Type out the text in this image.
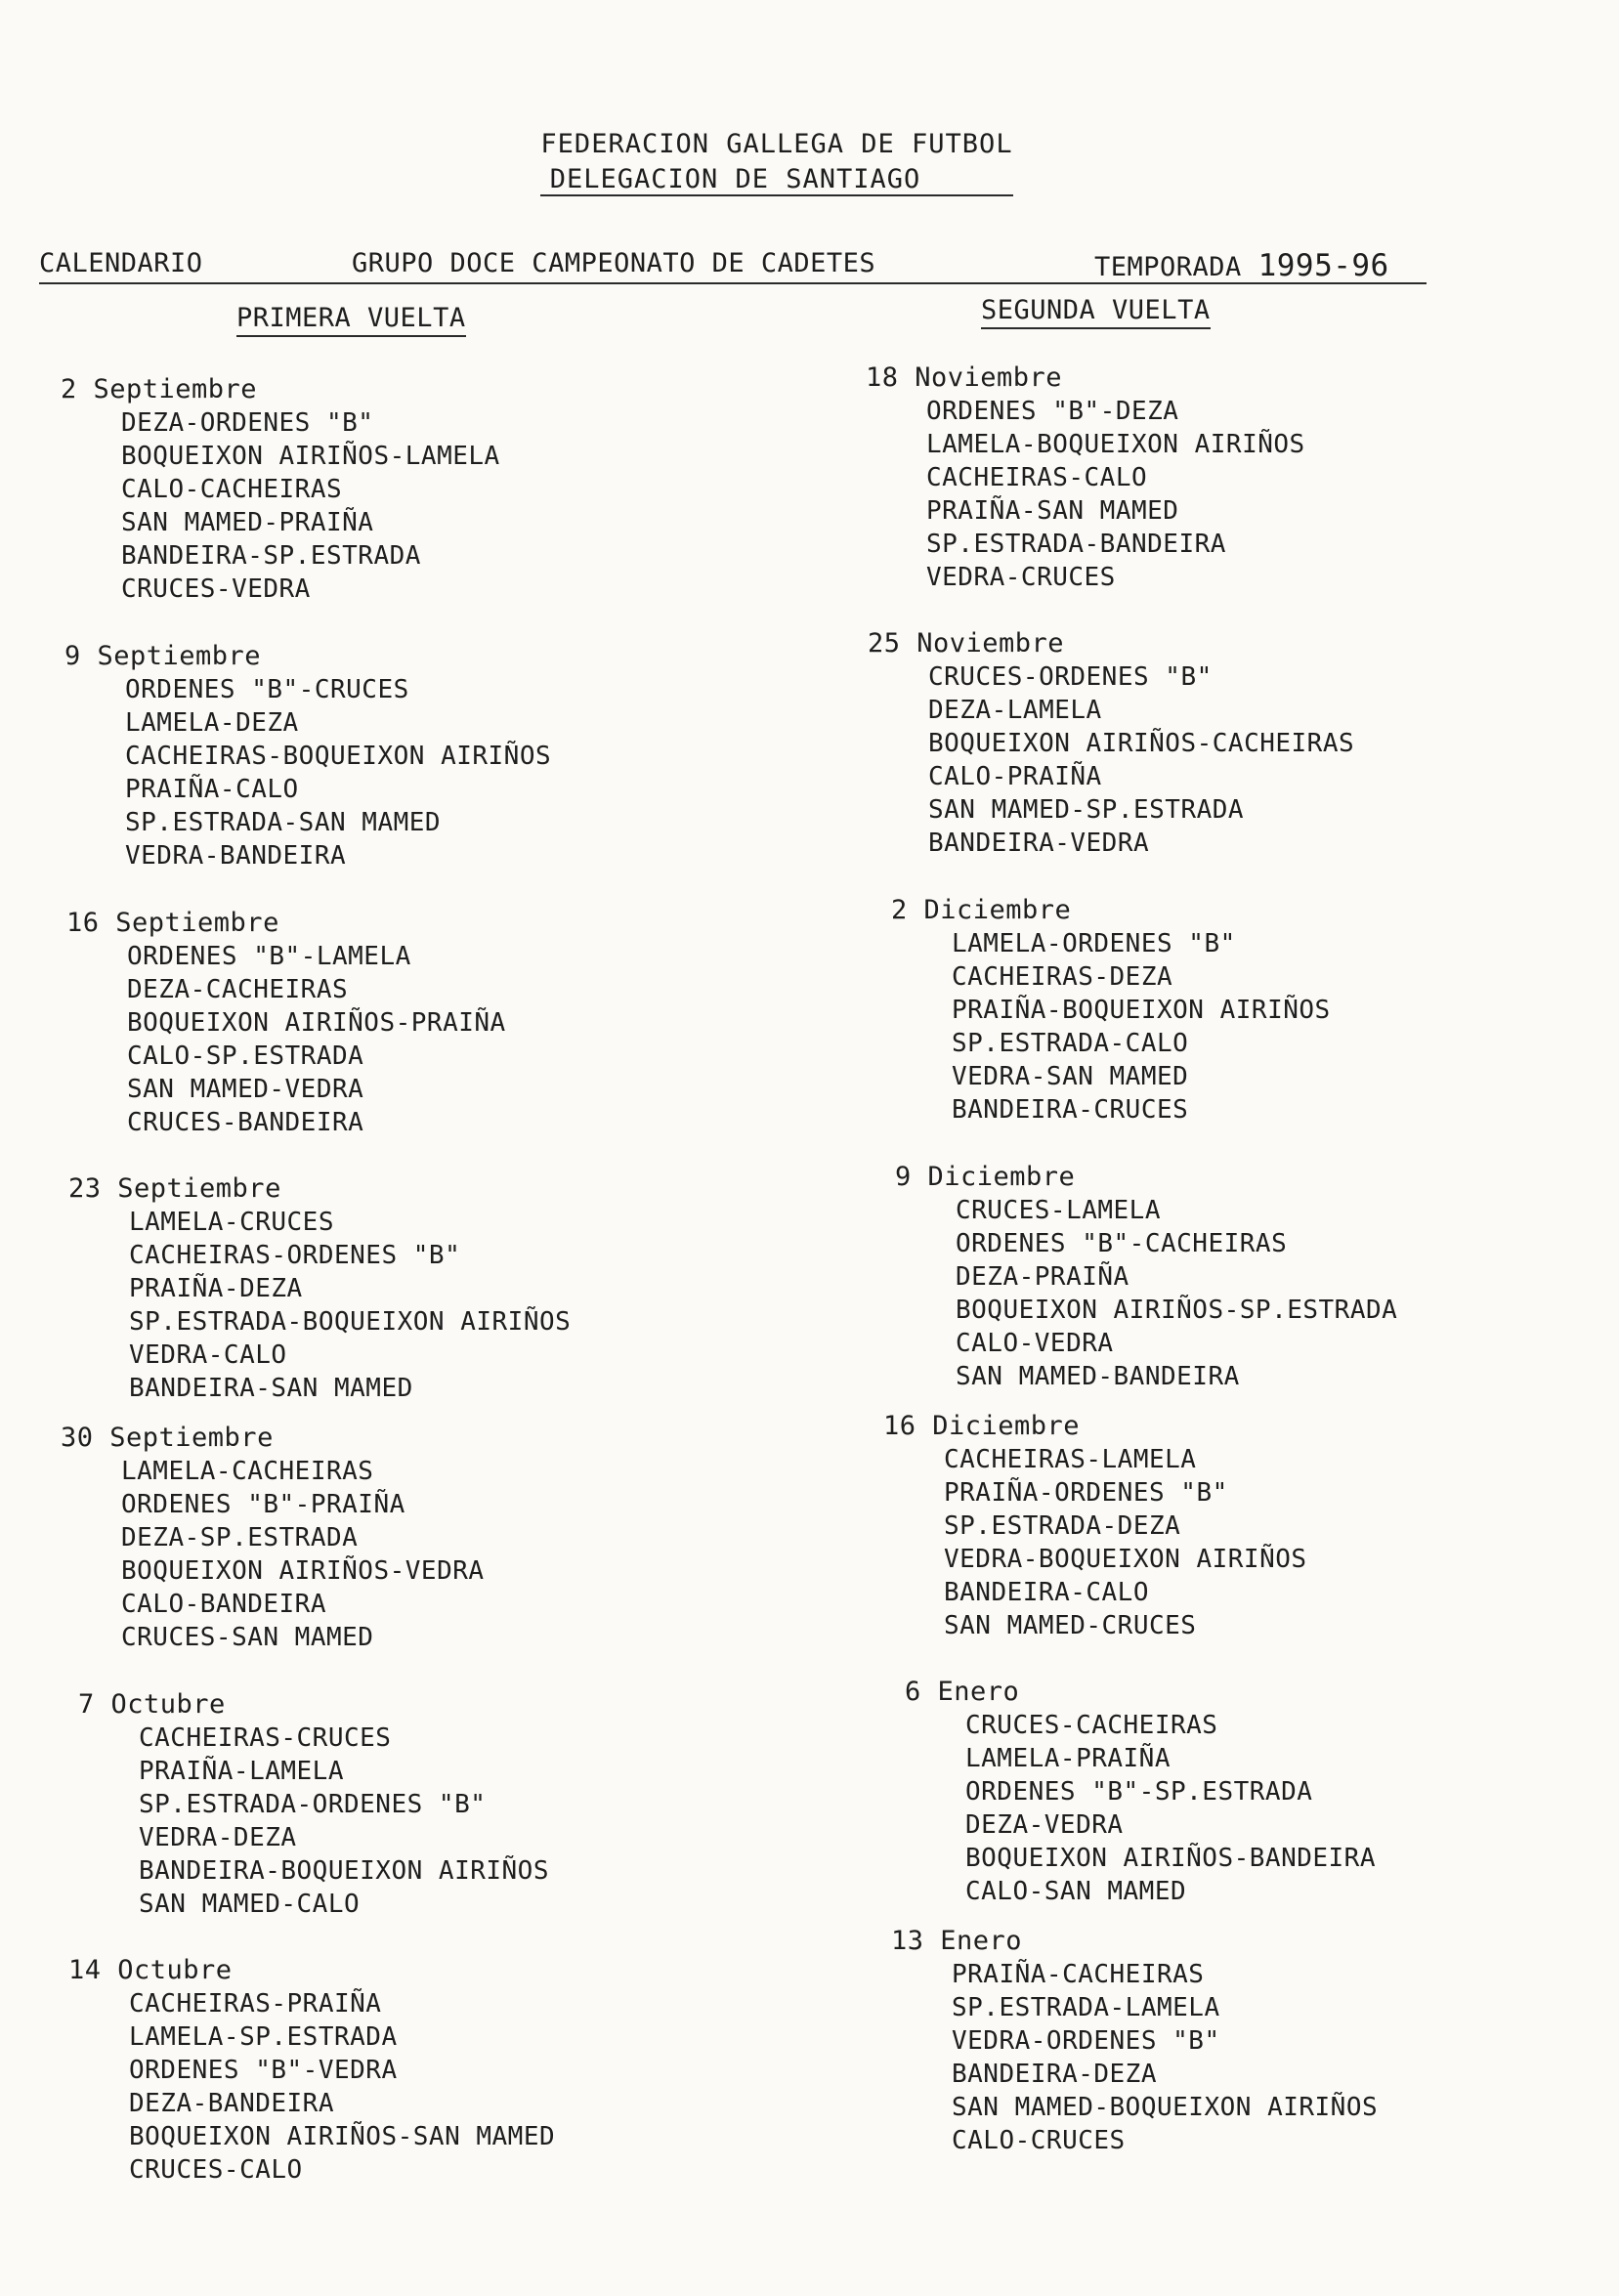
FEDERACION GALLEGA DE FUTBOL
DELEGACION DE SANTIAGO
CALENDARIO	GRUPO DOCE CAMPEONATO DE CADETES	TEMPORADA 1995-96

PRIMERA VUELTA	SEGUNDA VUELTA
2 Septiembre
DEZA-ORDENES "B"
BOQUEIXON AIRIÑOS-LAMELA
CALO-CACHEIRAS
SAN MAMED-PRAIÑA
BANDEIRA-SP.ESTRADA
CRUCES-VEDRA
9 Septiembre
ORDENES "B"-CRUCES
LAMELA-DEZA
CACHEIRAS-BOQUEIXON AIRIÑOS
PRAIÑA-CALO
SP.ESTRADA-SAN MAMED
VEDRA-BANDEIRA
16 Septiembre
ORDENES "B"-LAMELA
DEZA-CACHEIRAS
BOQUEIXON AIRIÑOS-PRAIÑA
CALO-SP.ESTRADA
SAN MAMED-VEDRA
CRUCES-BANDEIRA
23 Septiembre
LAMELA-CRUCES
CACHEIRAS-ORDENES "B"
PRAIÑA-DEZA
SP.ESTRADA-BOQUEIXON AIRIÑOS
VEDRA-CALO
BANDEIRA-SAN MAMED
30 Septiembre
LAMELA-CACHEIRAS
ORDENES "B"-PRAIÑA
DEZA-SP.ESTRADA
BOQUEIXON AIRIÑOS-VEDRA
CALO-BANDEIRA
CRUCES-SAN MAMED
7 Octubre
CACHEIRAS-CRUCES
PRAIÑA-LAMELA
SP.ESTRADA-ORDENES "B"
VEDRA-DEZA
BANDEIRA-BOQUEIXON AIRIÑOS
SAN MAMED-CALO
14 Octubre
CACHEIRAS-PRAIÑA
LAMELA-SP.ESTRADA
ORDENES "B"-VEDRA
DEZA-BANDEIRA
BOQUEIXON AIRIÑOS-SAN MAMED
CRUCES-CALO
18 Noviembre
ORDENES "B"-DEZA
LAMELA-BOQUEIXON AIRIÑOS
CACHEIRAS-CALO
PRAIÑA-SAN MAMED
SP.ESTRADA-BANDEIRA
VEDRA-CRUCES
25 Noviembre
CRUCES-ORDENES "B"
DEZA-LAMELA
BOQUEIXON AIRIÑOS-CACHEIRAS
CALO-PRAIÑA
SAN MAMED-SP.ESTRADA
BANDEIRA-VEDRA
2 Diciembre
LAMELA-ORDENES "B"
CACHEIRAS-DEZA
PRAIÑA-BOQUEIXON AIRIÑOS
SP.ESTRADA-CALO
VEDRA-SAN MAMED
BANDEIRA-CRUCES
9 Diciembre
CRUCES-LAMELA
ORDENES "B"-CACHEIRAS
DEZA-PRAIÑA
BOQUEIXON AIRIÑOS-SP.ESTRADA
CALO-VEDRA
SAN MAMED-BANDEIRA
16 Diciembre
CACHEIRAS-LAMELA
PRAIÑA-ORDENES "B"
SP.ESTRADA-DEZA
VEDRA-BOQUEIXON AIRIÑOS
BANDEIRA-CALO
SAN MAMED-CRUCES
6 Enero
CRUCES-CACHEIRAS
LAMELA-PRAIÑA
ORDENES "B"-SP.ESTRADA
DEZA-VEDRA
BOQUEIXON AIRIÑOS-BANDEIRA
CALO-SAN MAMED
13 Enero
PRAIÑA-CACHEIRAS
SP.ESTRADA-LAMELA
VEDRA-ORDENES "B"
BANDEIRA-DEZA
SAN MAMED-BOQUEIXON AIRIÑOS
CALO-CRUCES
